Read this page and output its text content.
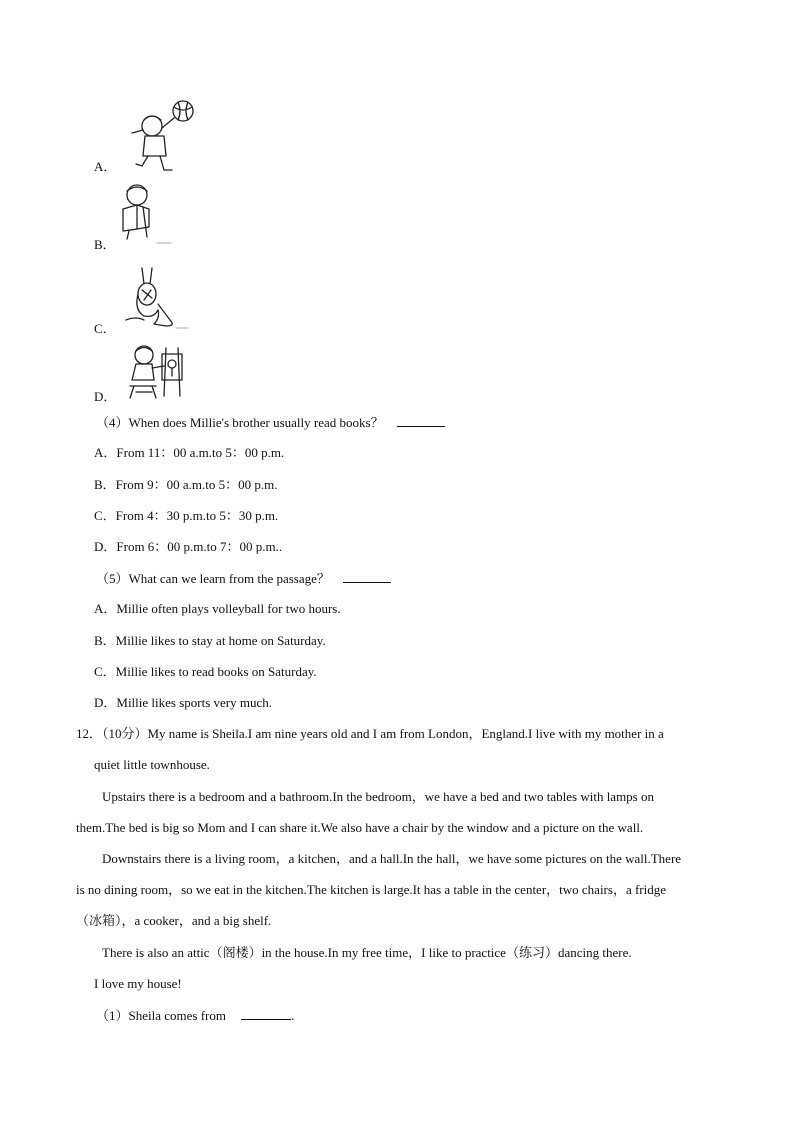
A．
B．
C．
D．
（4）When does Millie's brother usually read books？
A．From 11：00 a.m.to 5：00 p.m.
B．From 9：00 a.m.to 5：00 p.m.
C．From 4：30 p.m.to 5：30 p.m.
D．From 6：00 p.m.to 7：00 p.m..
（5）What can we learn from the passage？
A．Millie often plays volleyball for two hours.
B．Millie likes to stay at home on Saturday.
C．Millie likes to read books on Saturday.
D．Millie likes sports very much.
12．（10分）My name is Sheila.I am nine years old and I am from London，England.I live with my mother in a
quiet little townhouse.
Upstairs there is a bedroom and a bathroom.In the bedroom，we have a bed and two tables with lamps on
them.The bed is big so Mom and I can share it.We also have a chair by the window and a picture on the wall.
Downstairs there is a living room，a kitchen，and a hall.In the hall，we have some pictures on the wall.There
is no dining room，so we eat in the kitchen.The kitchen is large.It has a table in the center，two chairs，a fridge
（冰箱），a cooker，and a big shelf.
There is also an attic（阁楼）in the house.In my free time，I like to practice（练习）dancing there.
I love my house!
（1）Sheila comes from	.
